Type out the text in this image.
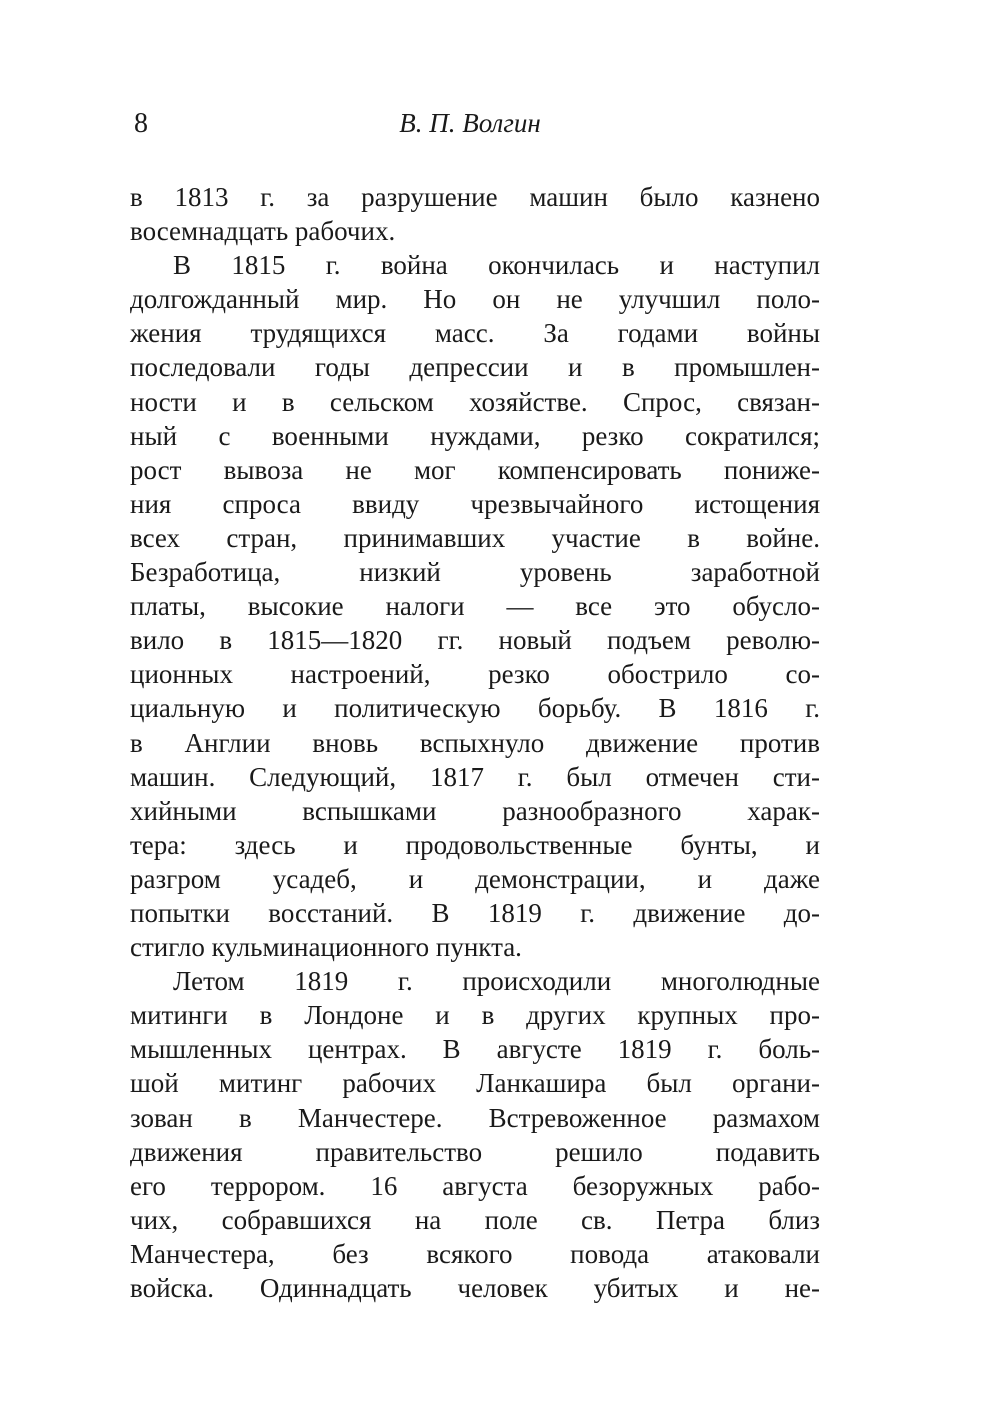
8	В. П. Волгин
в 1813 г. за разрушение машин было казнено
восемнадцать рабочих.
В 1815 г. война окончилась и наступил
долгожданный мир. Но он не улучшил поло-
жения трудящихся масс. За годами войны
последовали годы депрессии и в промышлен-
ности и в сельском хозяйстве. Спрос, связан-
ный с военными нуждами, резко сократился;
рост вывоза не мог компенсировать пониже-
ния спроса ввиду чрезвычайного истощения
всех стран, принимавших участие в войне.
Безработица, низкий уровень заработной
платы, высокие налоги — все это обусло-
вило в 1815—1820 гг. новый подъем револю-
ционных настроений, резко обострило со-
циальную и политическую борьбу. В 1816 г.
в Англии вновь вспыхнуло движение против
машин. Следующий, 1817 г. был отмечен сти-
хийными вспышками разнообразного харак-
тера: здесь и продовольственные бунты, и
разгром усадеб, и демонстрации, и даже
попытки восстаний. В 1819 г. движение до-
стигло кульминационного пункта.
Летом 1819 г. происходили многолюдные
митинги в Лондоне и в других крупных про-
мышленных центрах. В августе 1819 г. боль-
шой митинг рабочих Ланкашира был органи-
зован в Манчестере. Встревоженное размахом
движения правительство решило подавить
его террором. 16 августа безоружных рабо-
чих, собравшихся на поле св. Петра близ
Манчестера, без всякого повода атаковали
войска. Одиннадцать человек убитых и не-
